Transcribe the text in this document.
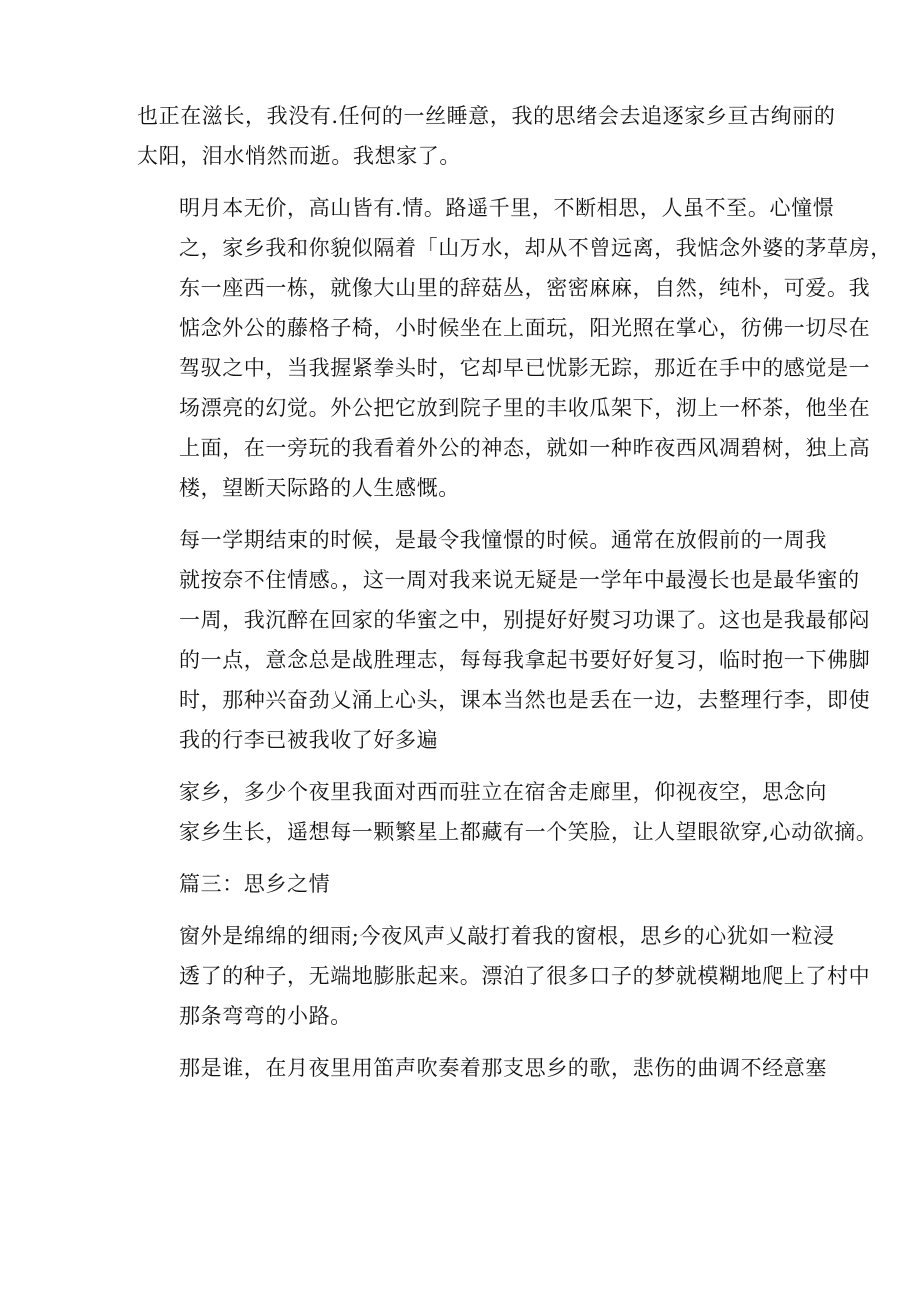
也正在滋长，我没有.任何的一丝睡意，我的思绪会去追逐家乡亘古绚丽的
太阳，泪水悄然而逝。我想家了。

明月本无价，高山皆有.情。路遥千里，不断相思，人虽不至。心憧憬
之，家乡我和你貌似隔着「山万水，却从不曾远离，我惦念外婆的茅草房，
东一座西一栋，就像大山里的辞菇丛，密密麻麻，自然，纯朴，可爱。我
惦念外公的藤格子椅，小时候坐在上面玩，阳光照在掌心，彷佛一切尽在
驾驭之中，当我握紧拳头时，它却早已忧影无踪，那近在手中的感觉是一
场漂亮的幻觉。外公把它放到院子里的丰收瓜架下，沏上一杯茶，他坐在
上面，在一旁玩的我看着外公的神态，就如一种昨夜西风凋碧树，独上高
楼，望断天际路的人生感慨。

每一学期结束的时候，是最令我憧憬的时候。通常在放假前的一周我
就按奈不住情感。，这一周对我来说无疑是一学年中最漫长也是最华蜜的
一周，我沉醉在回家的华蜜之中，别提好好熨习功课了。这也是我最郁闷
的一点，意念总是战胜理志，每每我拿起书要好好复习，临时抱一下佛脚
时，那种兴奋劲乂涌上心头，课本当然也是丢在一边，去整理行李，即使
我的行李已被我收了好多遍

家乡，多少个夜里我面对西而驻立在宿舍走廊里，仰视夜空，思念向
家乡生长，遥想每一颗繁星上都藏有一个笑脸，让人望眼欲穿,心动欲摘。

篇三：思乡之情

窗外是绵绵的细雨;今夜风声乂敲打着我的窗根，思乡的心犹如一粒浸
透了的种子，无端地膨胀起来。漂泊了很多口子的梦就模糊地爬上了村中
那条弯弯的小路。

那是谁，在月夜里用笛声吹奏着那支思乡的歌，悲伤的曲调不经意塞
